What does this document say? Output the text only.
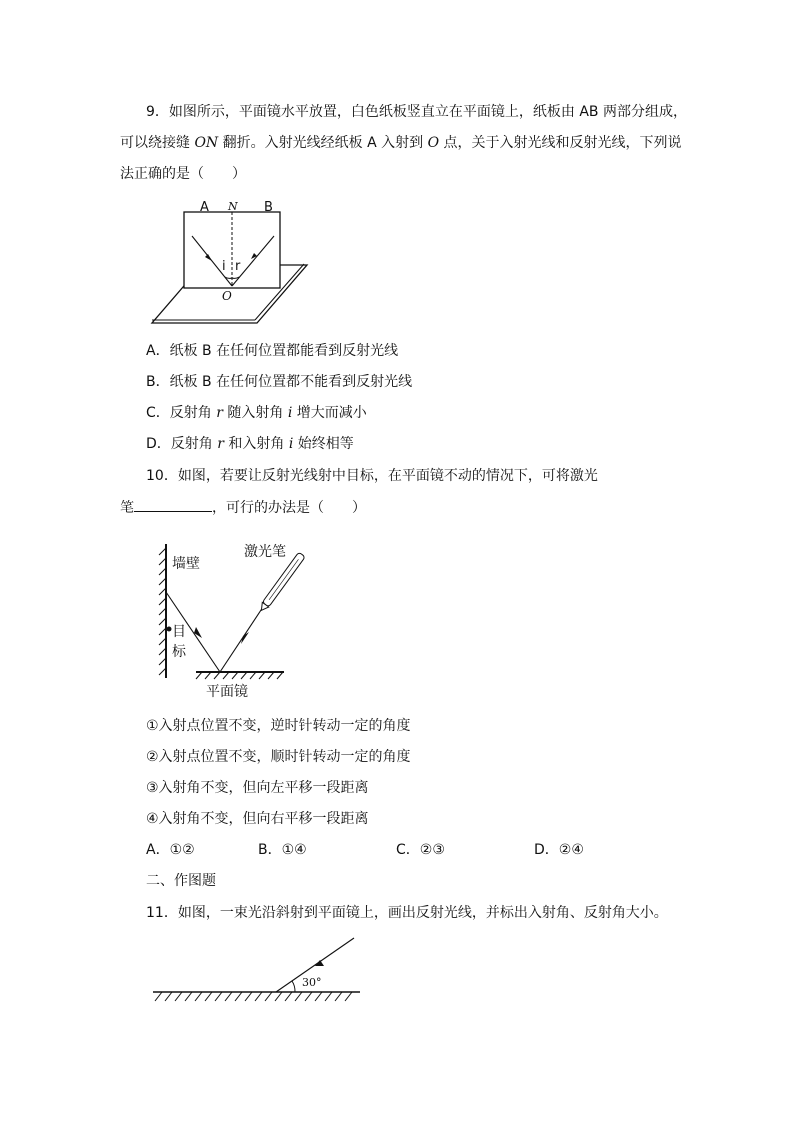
9．如图所示，平面镜水平放置，白色纸板竖直立在平面镜上，纸板由 AB 两部分组成，
可以绕接缝 ON 翻折。入射光线经纸板 A 入射到 O 点，关于入射光线和反射光线，下列说
法正确的是（　　）
A N B
i r
O
A．纸板 B 在任何位置都能看到反射光线
B．纸板 B 在任何位置都不能看到反射光线
C．反射角 r 随入射角 i 增大而减小
D．反射角 r 和入射角 i 始终相等
10．如图，若要让反射光线射中目标，在平面镜不动的情况下，可将激光
笔	，可行的办法是（　　）
墙壁
激光笔
目
标
平面镜
①入射点位置不变，逆时针转动一定的角度
②入射点位置不变，顺时针转动一定的角度
③入射角不变，但向左平移一段距离
④入射角不变，但向右平移一段距离
A．①②	B．①④	C．②③	D．②④
二、作图题
11．如图，一束光沿斜射到平面镜上，画出反射光线，并标出入射角、反射角大小。
30°
